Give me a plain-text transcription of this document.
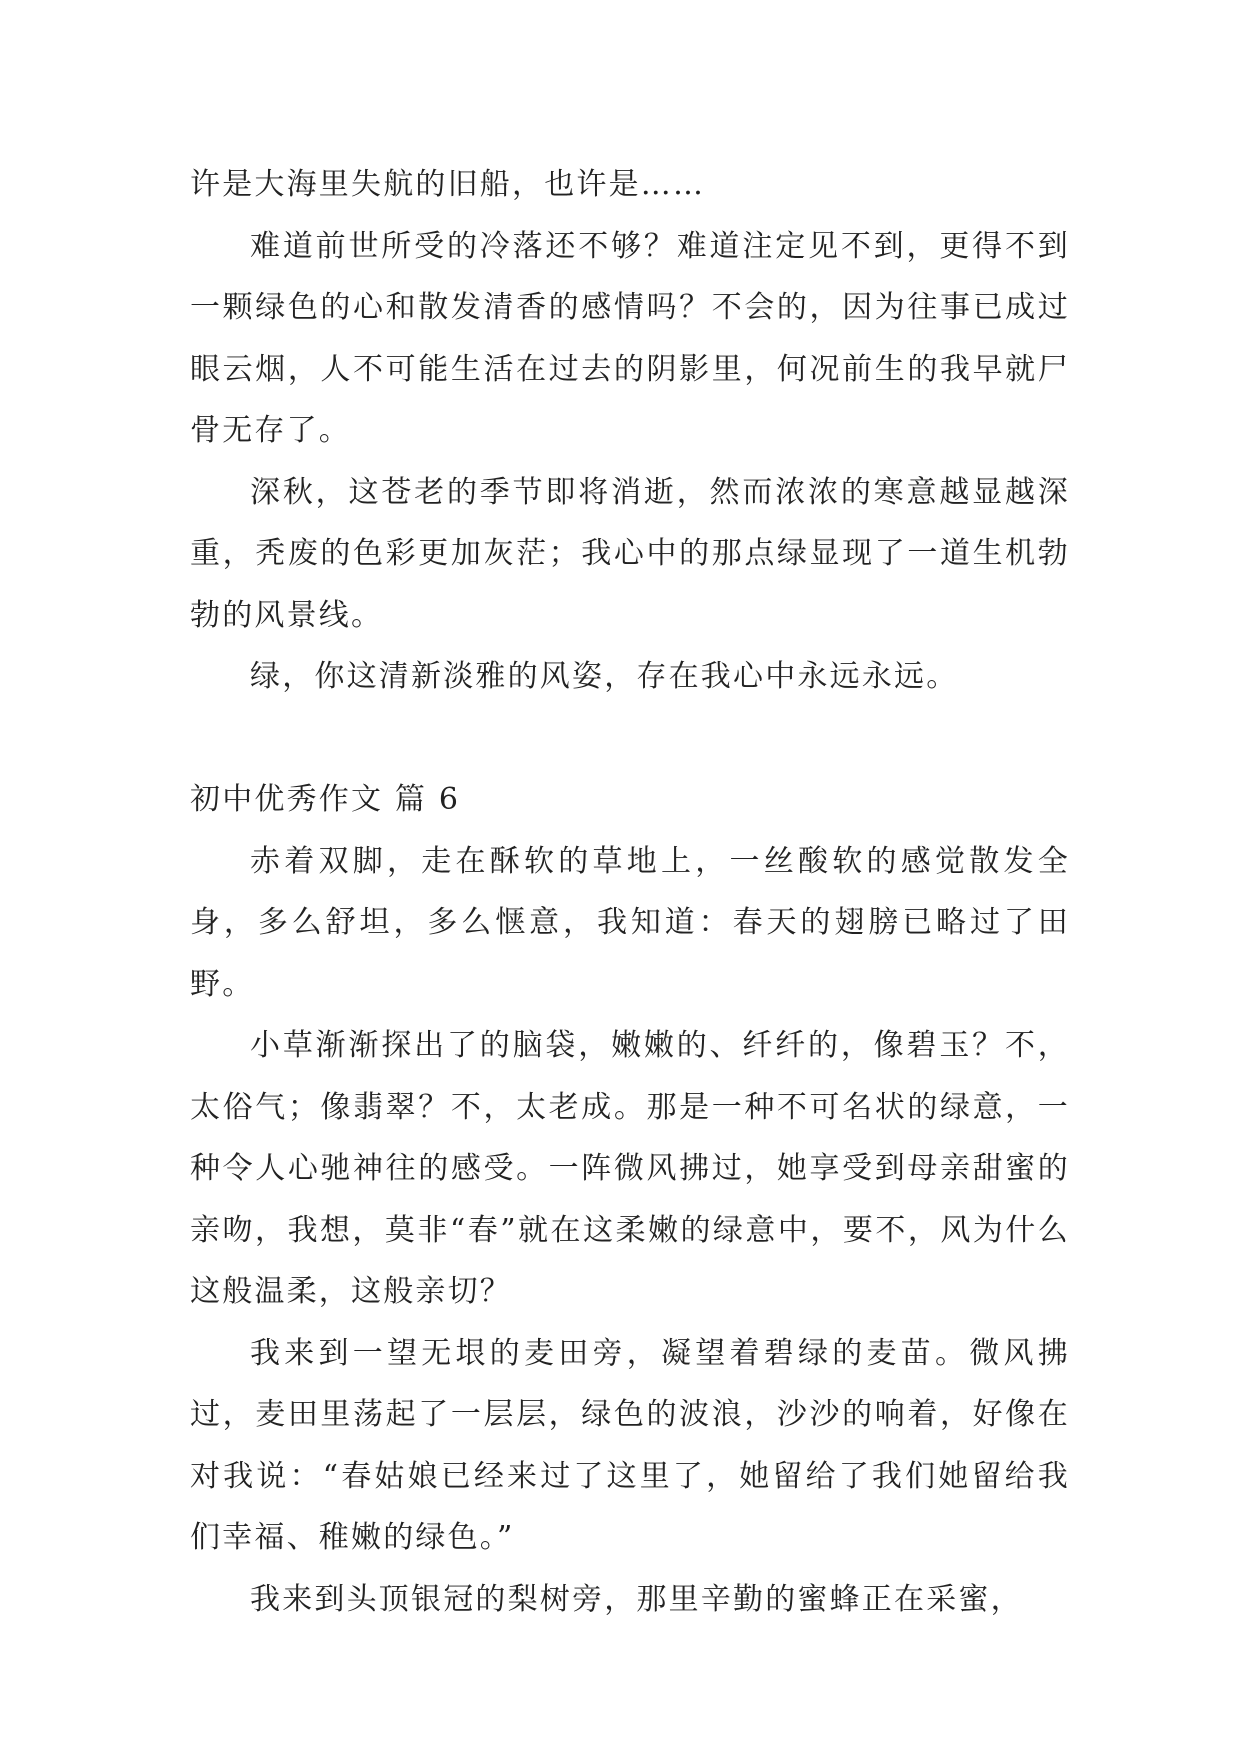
许是大海里失航的旧船，也许是……

难道前世所受的冷落还不够？难道注定见不到，更得不到一颗绿色的心和散发清香的感情吗？不会的，因为往事已成过眼云烟，人不可能生活在过去的阴影里，何况前生的我早就尸骨无存了。

深秋，这苍老的季节即将消逝，然而浓浓的寒意越显越深重，秃废的色彩更加灰茫；我心中的那点绿显现了一道生机勃勃的风景线。

绿，你这清新淡雅的风姿，存在我心中永远永远。

初中优秀作文 篇 6

赤着双脚，走在酥软的草地上，一丝酸软的感觉散发全身，多么舒坦，多么惬意，我知道：春天的翅膀已略过了田野。

小草渐渐探出了的脑袋，嫩嫩的、纤纤的，像碧玉？不，太俗气；像翡翠？不，太老成。那是一种不可名状的绿意，一种令人心驰神往的感受。一阵微风拂过，她享受到母亲甜蜜的亲吻，我想，莫非“春”就在这柔嫩的绿意中，要不，风为什么这般温柔，这般亲切？

我来到一望无垠的麦田旁，凝望着碧绿的麦苗。微风拂过，麦田里荡起了一层层，绿色的波浪，沙沙的响着，好像在对我说：“春姑娘已经来过了这里了，她留给了我们她留给我们幸福、稚嫩的绿色。”

我来到头顶银冠的梨树旁，那里辛勤的蜜蜂正在采蜜，
